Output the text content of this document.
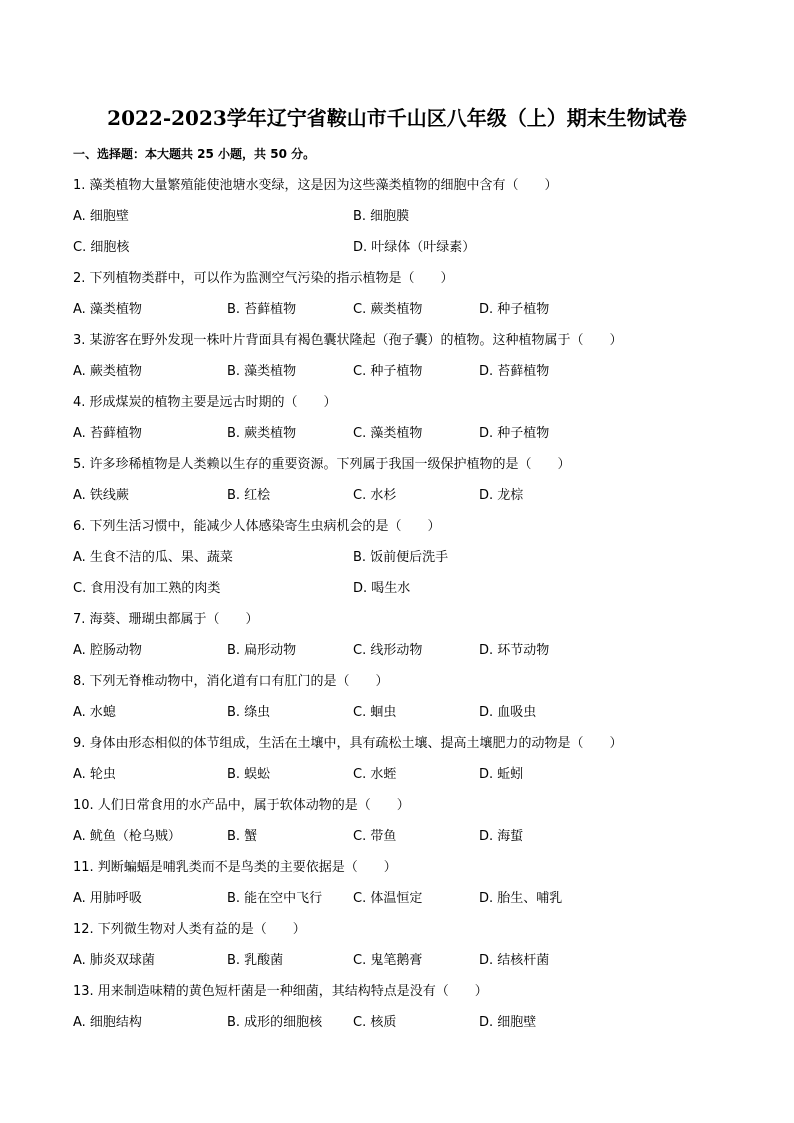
2022-2023学年辽宁省鞍山市千山区八年级（上）期末生物试卷
一、选择题：本大题共 25 小题，共 50 分。
1. 藻类植物大量繁殖能使池塘水变绿，这是因为这些藻类植物的细胞中含有（　　）
A. 细胞壁	B. 细胞膜
C. 细胞核	D. 叶绿体（叶绿素）
2. 下列植物类群中，可以作为监测空气污染的指示植物是（　　）
A. 藻类植物	B. 苔藓植物	C. 蕨类植物	D. 种子植物
3. 某游客在野外发现一株叶片背面具有褐色囊状隆起（孢子囊）的植物。这种植物属于（　　）
A. 蕨类植物	B. 藻类植物	C. 种子植物	D. 苔藓植物
4. 形成煤炭的植物主要是远古时期的（　　）
A. 苔藓植物	B. 蕨类植物	C. 藻类植物	D. 种子植物
5. 许多珍稀植物是人类赖以生存的重要资源。下列属于我国一级保护植物的是（　　）
A. 铁线蕨	B. 红桧	C. 水杉	D. 龙棕
6. 下列生活习惯中，能减少人体感染寄生虫病机会的是（　　）
A. 生食不洁的瓜、果、蔬菜	B. 饭前便后洗手
C. 食用没有加工熟的肉类	D. 喝生水
7. 海葵、珊瑚虫都属于（　　）
A. 腔肠动物	B. 扁形动物	C. 线形动物	D. 环节动物
8. 下列无脊椎动物中，消化道有口有肛门的是（　　）
A. 水螅	B. 绦虫	C. 蛔虫	D. 血吸虫
9. 身体由形态相似的体节组成，生活在土壤中，具有疏松土壤、提高土壤肥力的动物是（　　）
A. 轮虫	B. 蜈蚣	C. 水蛭	D. 蚯蚓
10. 人们日常食用的水产品中，属于软体动物的是（　　）
A. 鱿鱼（枪乌贼）	B. 蟹	C. 带鱼	D. 海蜇
11. 判断蝙蝠是哺乳类而不是鸟类的主要依据是（　　）
A. 用肺呼吸	B. 能在空中飞行 C. 体温恒定	D. 胎生、哺乳
12. 下列微生物对人类有益的是（　　）
A. 肺炎双球菌	B. 乳酸菌	C. 鬼笔鹅膏	D. 结核杆菌
13. 用来制造味精的黄色短杆菌是一种细菌，其结构特点是没有（　　）
A. 细胞结构	B. 成形的细胞核 C. 核质	D. 细胞壁
